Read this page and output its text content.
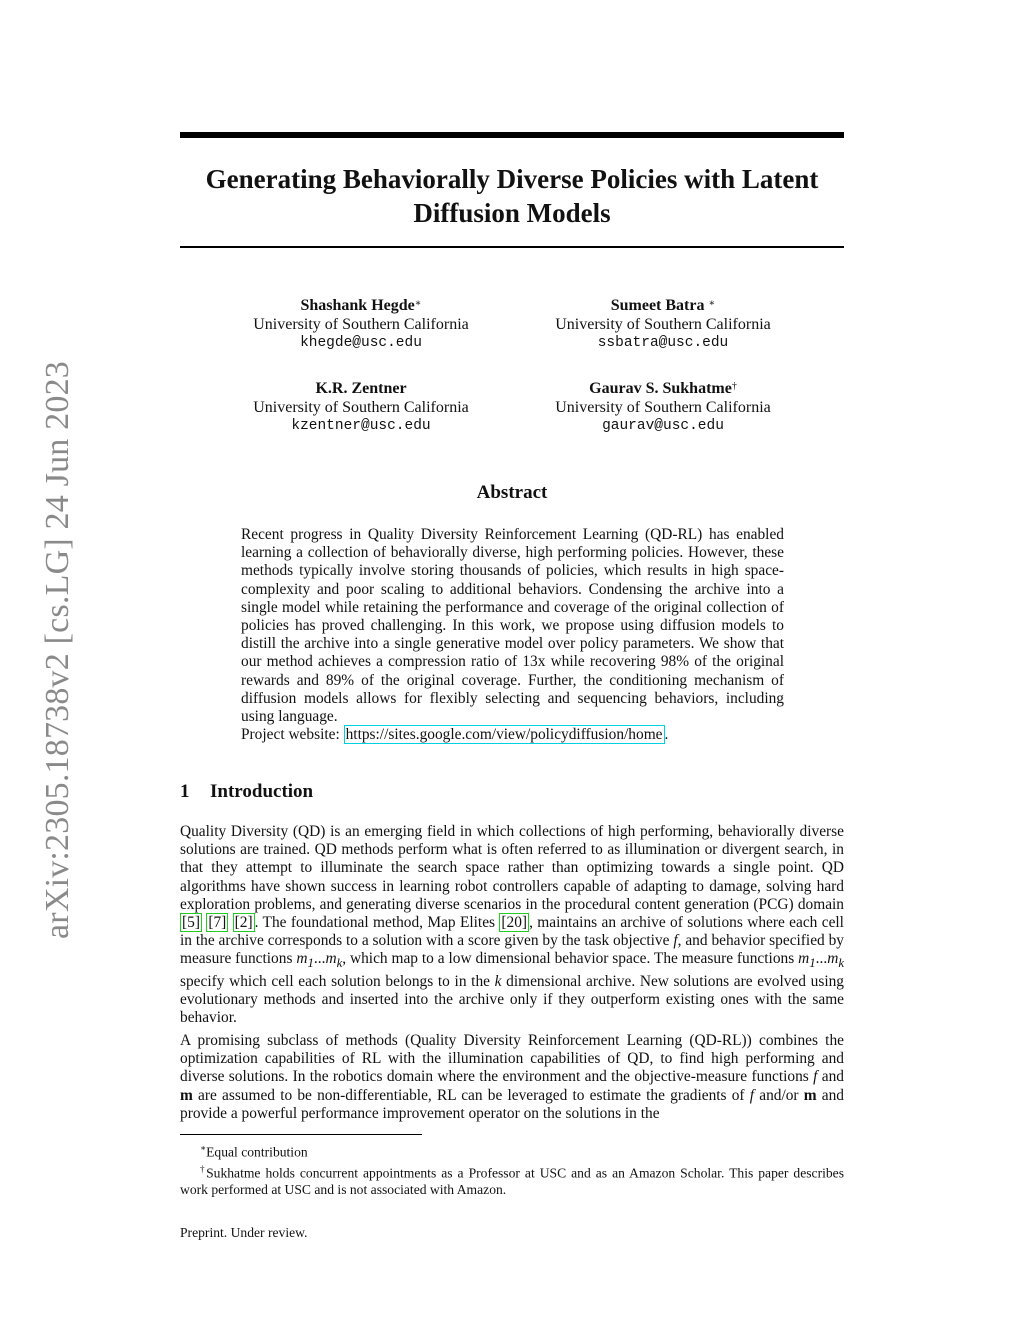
arXiv:2305.18738v2 [cs.LG] 24 Jun 2023
Generating Behaviorally Diverse Policies with Latent Diffusion Models
Shashank Hegde∗
University of Southern California
khegde@usc.edu
Sumeet Batra ∗
University of Southern California
ssbatra@usc.edu
K.R. Zentner
University of Southern California
kzentner@usc.edu
Gaurav S. Sukhatme†
University of Southern California
gaurav@usc.edu
Abstract

Recent progress in Quality Diversity Reinforcement Learning (QD-RL) has enabled learning a collection of behaviorally diverse, high performing policies. However, these methods typically involve storing thousands of policies, which results in high space-complexity and poor scaling to additional behaviors. Condensing the archive into a single model while retaining the performance and coverage of the original collection of policies has proved challenging. In this work, we propose using diffusion models to distill the archive into a single generative model over policy parameters. We show that our method achieves a compression ratio of 13x while recovering 98% of the original rewards and 89% of the original coverage. Further, the conditioning mechanism of diffusion models allows for flexibly selecting and sequencing behaviors, including using language.

Project website: https://sites.google.com/view/policydiffusion/home .

1 Introduction

Quality Diversity (QD) is an emerging field in which collections of high performing, behaviorally diverse solutions are trained. QD methods perform what is often referred to as illumination or divergent search, in that they attempt to illuminate the search space rather than optimizing towards a single point. QD algorithms have shown success in learning robot controllers capable of adapting to damage, solving hard exploration problems, and generating diverse scenarios in the procedural content generation (PCG) domain [5] [7] [2] . The foundational method, Map Elites [20] , maintains an archive of solutions where each cell in the archive corresponds to a solution with a score given by the task objective f, and behavior specified by measure functions $m_1...m_k$, which map to a low dimensional behavior space. The measure functions $m_1...m_k$ specify which cell each solution belongs to in the k dimensional archive. New solutions are evolved using evolutionary methods and inserted into the archive only if they outperform existing ones with the same behavior.

A promising subclass of methods (Quality Diversity Reinforcement Learning (QD-RL)) combines the optimization capabilities of RL with the illumination capabilities of QD, to find high performing and diverse solutions. In the robotics domain where the environment and the objective-measure functions f and m are assumed to be non-differentiable, RL can be leveraged to estimate the gradients of f and/or m and provide a powerful performance improvement operator on the solutions in the

∗Equal contribution

†Sukhatme holds concurrent appointments as a Professor at USC and as an Amazon Scholar. This paper describes work performed at USC and is not associated with Amazon.

Preprint. Under review.
